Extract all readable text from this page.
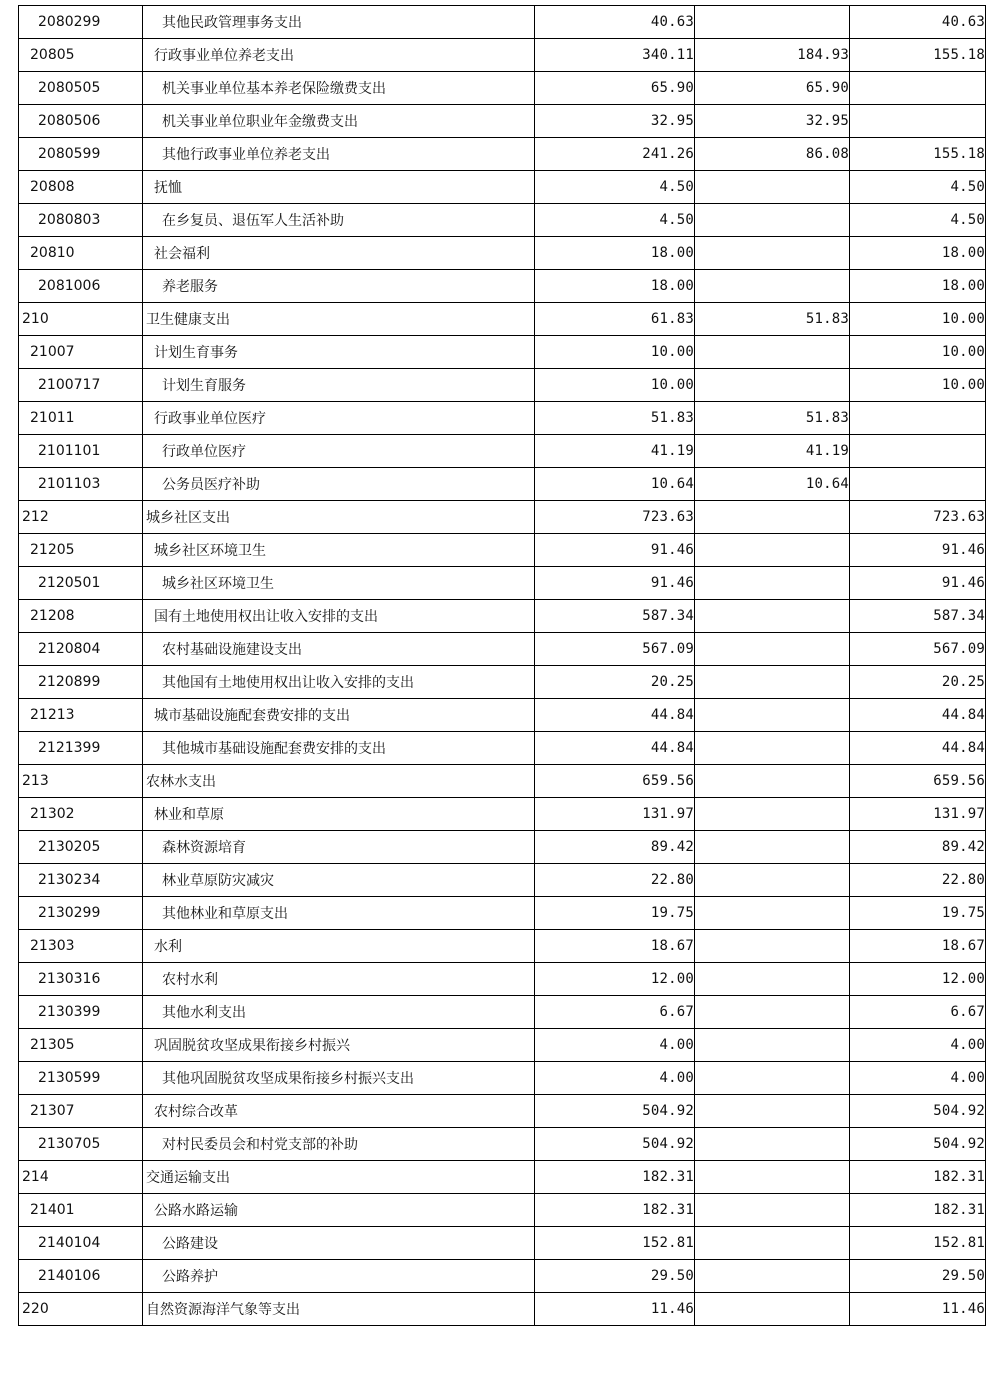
2080299	其他民政管理事务支出	40.63		40.63
20805	行政事业单位养老支出	340.11	184.93	155.18
2080505	机关事业单位基本养老保险缴费支出	65.90	65.90	
2080506	机关事业单位职业年金缴费支出	32.95	32.95	
2080599	其他行政事业单位养老支出	241.26	86.08	155.18
20808	抚恤	4.50		4.50
2080803	在乡复员、退伍军人生活补助	4.50		4.50
20810	社会福利	18.00		18.00
2081006	养老服务	18.00		18.00
210	卫生健康支出	61.83	51.83	10.00
21007	计划生育事务	10.00		10.00
2100717	计划生育服务	10.00		10.00
21011	行政事业单位医疗	51.83	51.83	
2101101	行政单位医疗	41.19	41.19	
2101103	公务员医疗补助	10.64	10.64	
212	城乡社区支出	723.63		723.63
21205	城乡社区环境卫生	91.46		91.46
2120501	城乡社区环境卫生	91.46		91.46
21208	国有土地使用权出让收入安排的支出	587.34		587.34
2120804	农村基础设施建设支出	567.09		567.09
2120899	其他国有土地使用权出让收入安排的支出	20.25		20.25
21213	城市基础设施配套费安排的支出	44.84		44.84
2121399	其他城市基础设施配套费安排的支出	44.84		44.84
213	农林水支出	659.56		659.56
21302	林业和草原	131.97		131.97
2130205	森林资源培育	89.42		89.42
2130234	林业草原防灾减灾	22.80		22.80
2130299	其他林业和草原支出	19.75		19.75
21303	水利	18.67		18.67
2130316	农村水利	12.00		12.00
2130399	其他水利支出	6.67		6.67
21305	巩固脱贫攻坚成果衔接乡村振兴	4.00		4.00
2130599	其他巩固脱贫攻坚成果衔接乡村振兴支出	4.00		4.00
21307	农村综合改革	504.92		504.92
2130705	对村民委员会和村党支部的补助	504.92		504.92
214	交通运输支出	182.31		182.31
21401	公路水路运输	182.31		182.31
2140104	公路建设	152.81		152.81
2140106	公路养护	29.50		29.50
220	自然资源海洋气象等支出	11.46		11.46
